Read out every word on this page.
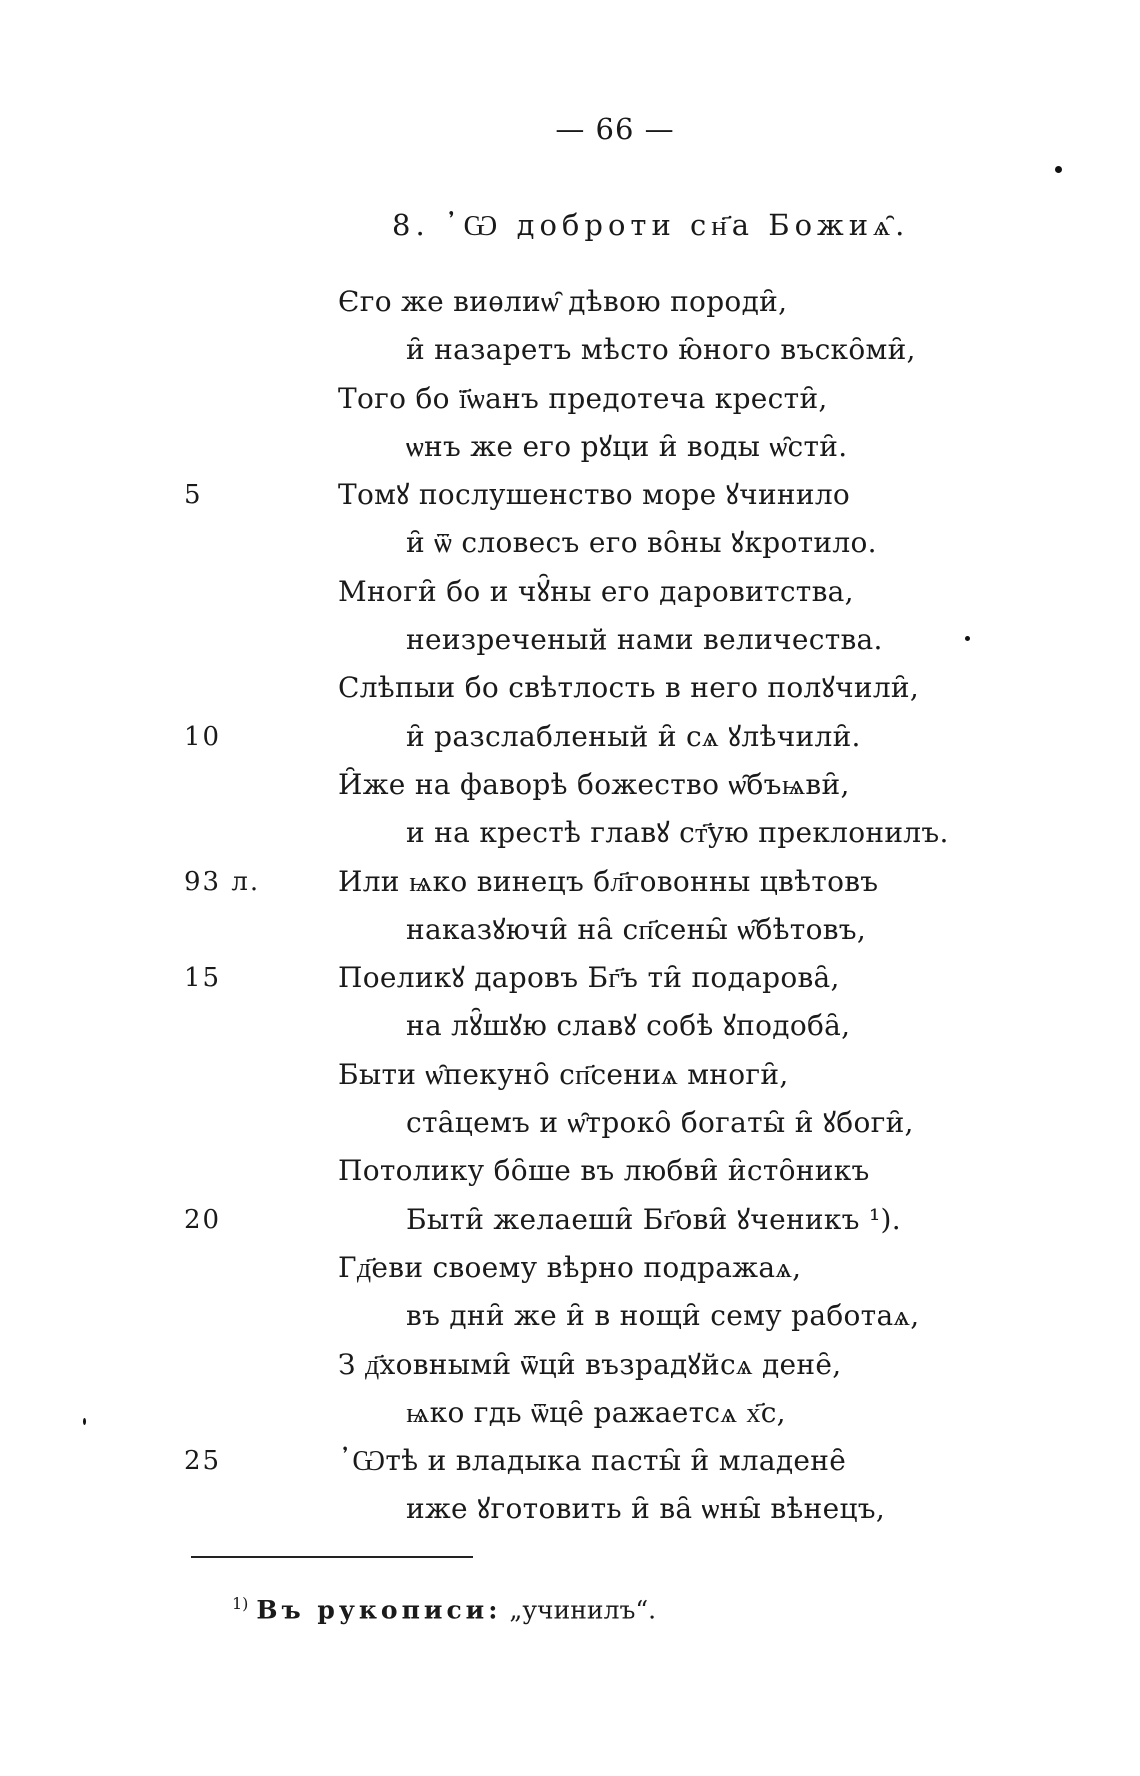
— 66 —
8. ᾽Ѡ доброти сн҃а Божиѧ̑.
Єго же виѳлиѡ̑ дѣвою породи̑,
и̑ назаретъ мѣсто ю̑ного въско̑ми̑,
Того бо ї҃ѡанъ предотеча крести̑,
ѡнъ же его рꙋци и̑ воды ѡ̑сти̑.
5	Томꙋ послушенство море ꙋчинило
и̑ ѿ словесъ его во̑ны ꙋкротило.
Многи̑ бо и чꙋ̑ны его даровитства,
неизреченый нами величества.
Слѣпыи бо свѣтлость в него полꙋчили̑,
10	и̑ разслабленый и̑ сѧ ꙋлѣчили̑.
И̑же на фаворѣ божество ѡ̑бъѩви̑,
и на крестѣ главꙋ ст҃ую преклонилъ.
93 л.	Или ѩко винецъ бл҃говонны цвѣтовъ
наказꙋючи̑ на̑ сп҃сены̑ ѡ̑бѣтовъ,
15	Поеликꙋ даровъ Бг҃ъ ти̑ подарова̑,
на лꙋ̑шꙋю славꙋ собѣ ꙋподоба̑,
Быти ѡ̑пекуно̑ сп҃сениѧ многи̑,
ста̑цемъ и ѡ̑троко̑ богаты̑ и̑ ꙋбоги̑,
Потолику бо̑ше въ любви̑ и̑сто̑никъ
20	Быти̑ желаеши̑ Бг҃ови̑ ꙋченикъ ¹).
Гд҃еви своему вѣрно подражаѧ,
въ дни̑ же и̑ в нощи̑ сему работаѧ,
З д҃ховными̑ ѿци̑ възрадꙋйсѧ дене̑,
ѩко гдь ѿце̑ ражаетсѧ х҃с,
25	᾽Ѡтѣ и владыка пасты̑ и̑ младене̑
иже ꙋготовить и̑ ва̑ ѡны̑ вѣнецъ,
$^{1)}$ Въ рукописи: „учинилъ“.
